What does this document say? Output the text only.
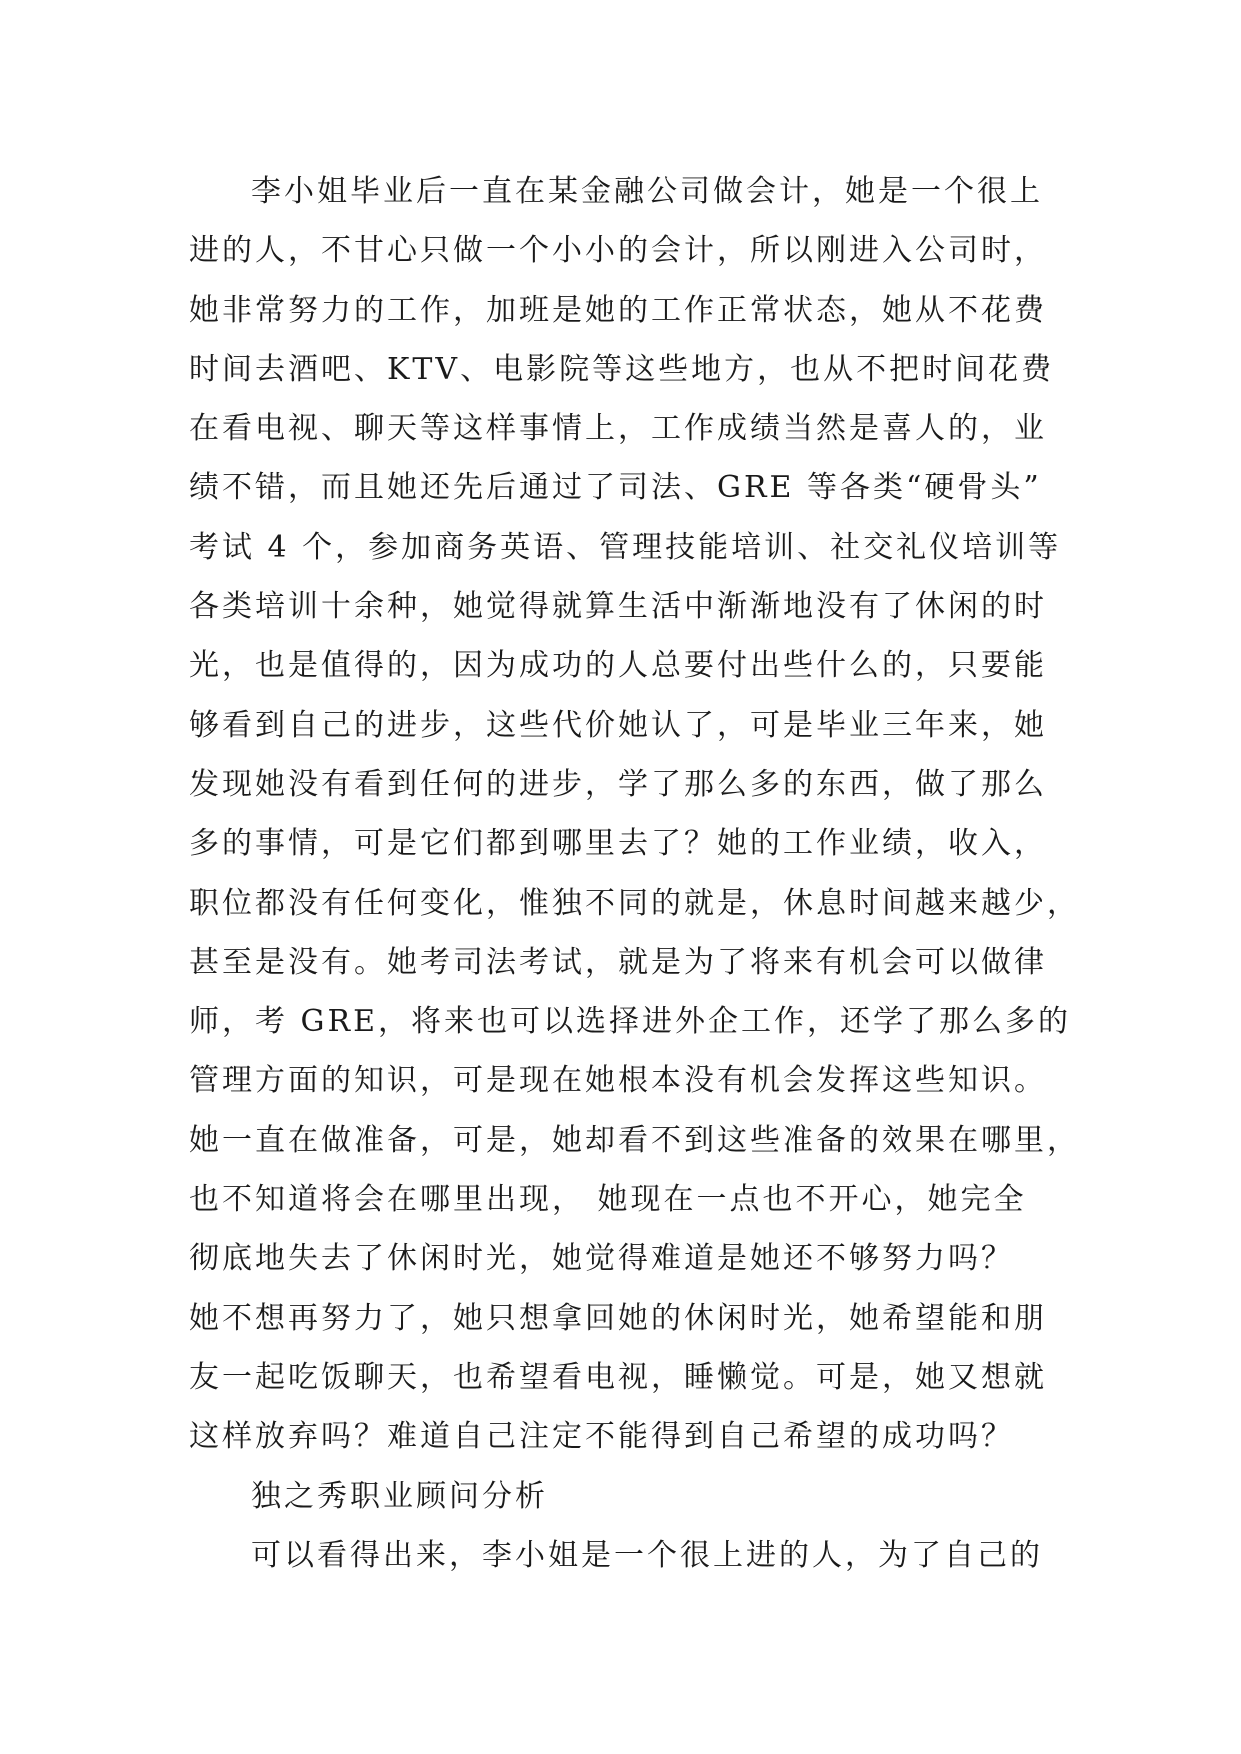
李小姐毕业后一直在某金融公司做会计，她是一个很上
进的人，不甘心只做一个小小的会计，所以刚进入公司时，
她非常努力的工作，加班是她的工作正常状态，她从不花费
时间去酒吧、KTV、电影院等这些地方，也从不把时间花费
在看电视、聊天等这样事情上，工作成绩当然是喜人的，业
绩不错，而且她还先后通过了司法、GRE 等各类“硬骨头”
考试 4 个，参加商务英语、管理技能培训、社交礼仪培训等
各类培训十余种，她觉得就算生活中渐渐地没有了休闲的时
光，也是值得的，因为成功的人总要付出些什么的，只要能
够看到自己的进步，这些代价她认了，可是毕业三年来，她
发现她没有看到任何的进步，学了那么多的东西，做了那么
多的事情，可是它们都到哪里去了？她的工作业绩，收入，
职位都没有任何变化，惟独不同的就是，休息时间越来越少，
甚至是没有。她考司法考试，就是为了将来有机会可以做律
师，考 GRE，将来也可以选择进外企工作，还学了那么多的
管理方面的知识，可是现在她根本没有机会发挥这些知识。
她一直在做准备，可是，她却看不到这些准备的效果在哪里，
也不知道将会在哪里出现， 她现在一点也不开心，她完全
彻底地失去了休闲时光，她觉得难道是她还不够努力吗？
她不想再努力了，她只想拿回她的休闲时光，她希望能和朋
友一起吃饭聊天，也希望看电视，睡懒觉。可是，她又想就
这样放弃吗？难道自己注定不能得到自己希望的成功吗？
独之秀职业顾问分析
可以看得出来，李小姐是一个很上进的人，为了自己的
